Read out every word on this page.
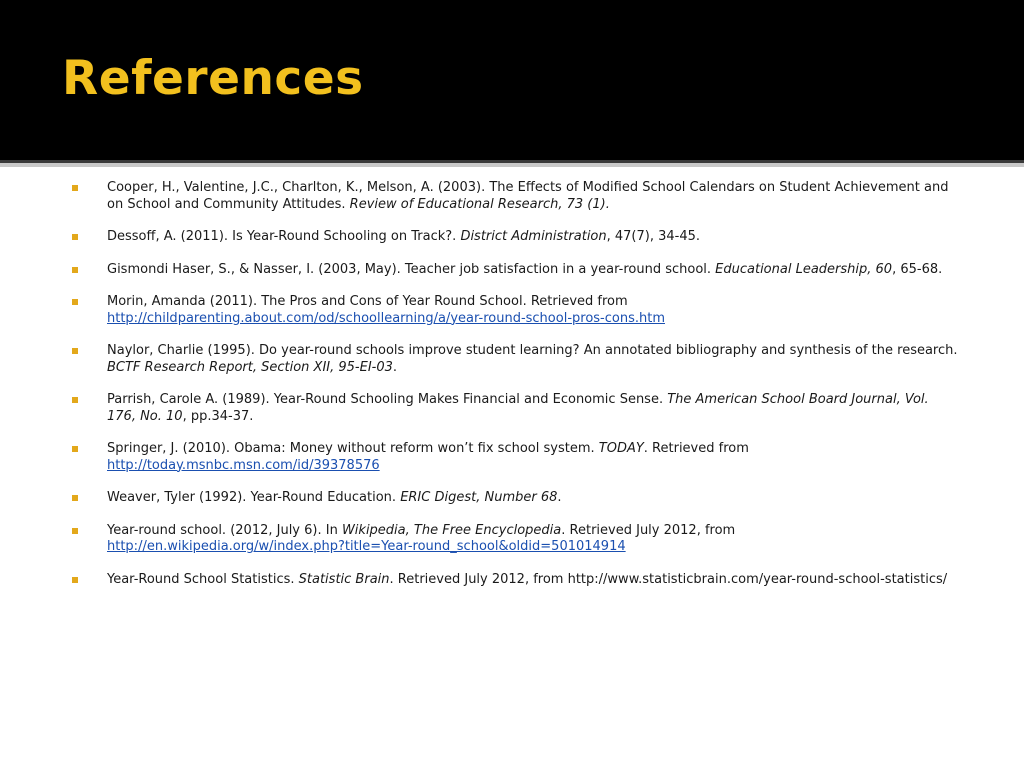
References
Cooper, H., Valentine, J.C., Charlton, K., Melson, A. (2003). The Effects of Modified School Calendars on Student Achievement and on School and Community Attitudes. Review of Educational Research, 73 (1).
Dessoff, A. (2011). Is Year-Round Schooling on Track?. District Administration, 47(7), 34-45.
Gismondi Haser, S., & Nasser, I. (2003, May). Teacher job satisfaction in a year-round school. Educational Leadership, 60, 65-68.
Morin, Amanda (2011). The Pros and Cons of Year Round School. Retrieved from http://childparenting.about.com/od/schoollearning/a/year-round-school-pros-cons.htm
Naylor, Charlie (1995). Do year-round schools improve student learning? An annotated bibliography and synthesis of the research. BCTF Research Report, Section XII, 95-EI-03.
Parrish, Carole A. (1989). Year-Round Schooling Makes Financial and Economic Sense. The American School Board Journal, Vol. 176, No. 10, pp.34-37.
Springer, J. (2010). Obama: Money without reform won’t fix school system. TODAY. Retrieved from http://today.msnbc.msn.com/id/39378576
Weaver, Tyler (1992). Year-Round Education. ERIC Digest, Number 68.
Year-round school. (2012, July 6). In Wikipedia, The Free Encyclopedia. Retrieved July 2012, from http://en.wikipedia.org/w/index.php?title=Year-round_school&oldid=501014914
Year-Round School Statistics. Statistic Brain. Retrieved July 2012, from http://www.statisticbrain.com/year-round-school-statistics/
